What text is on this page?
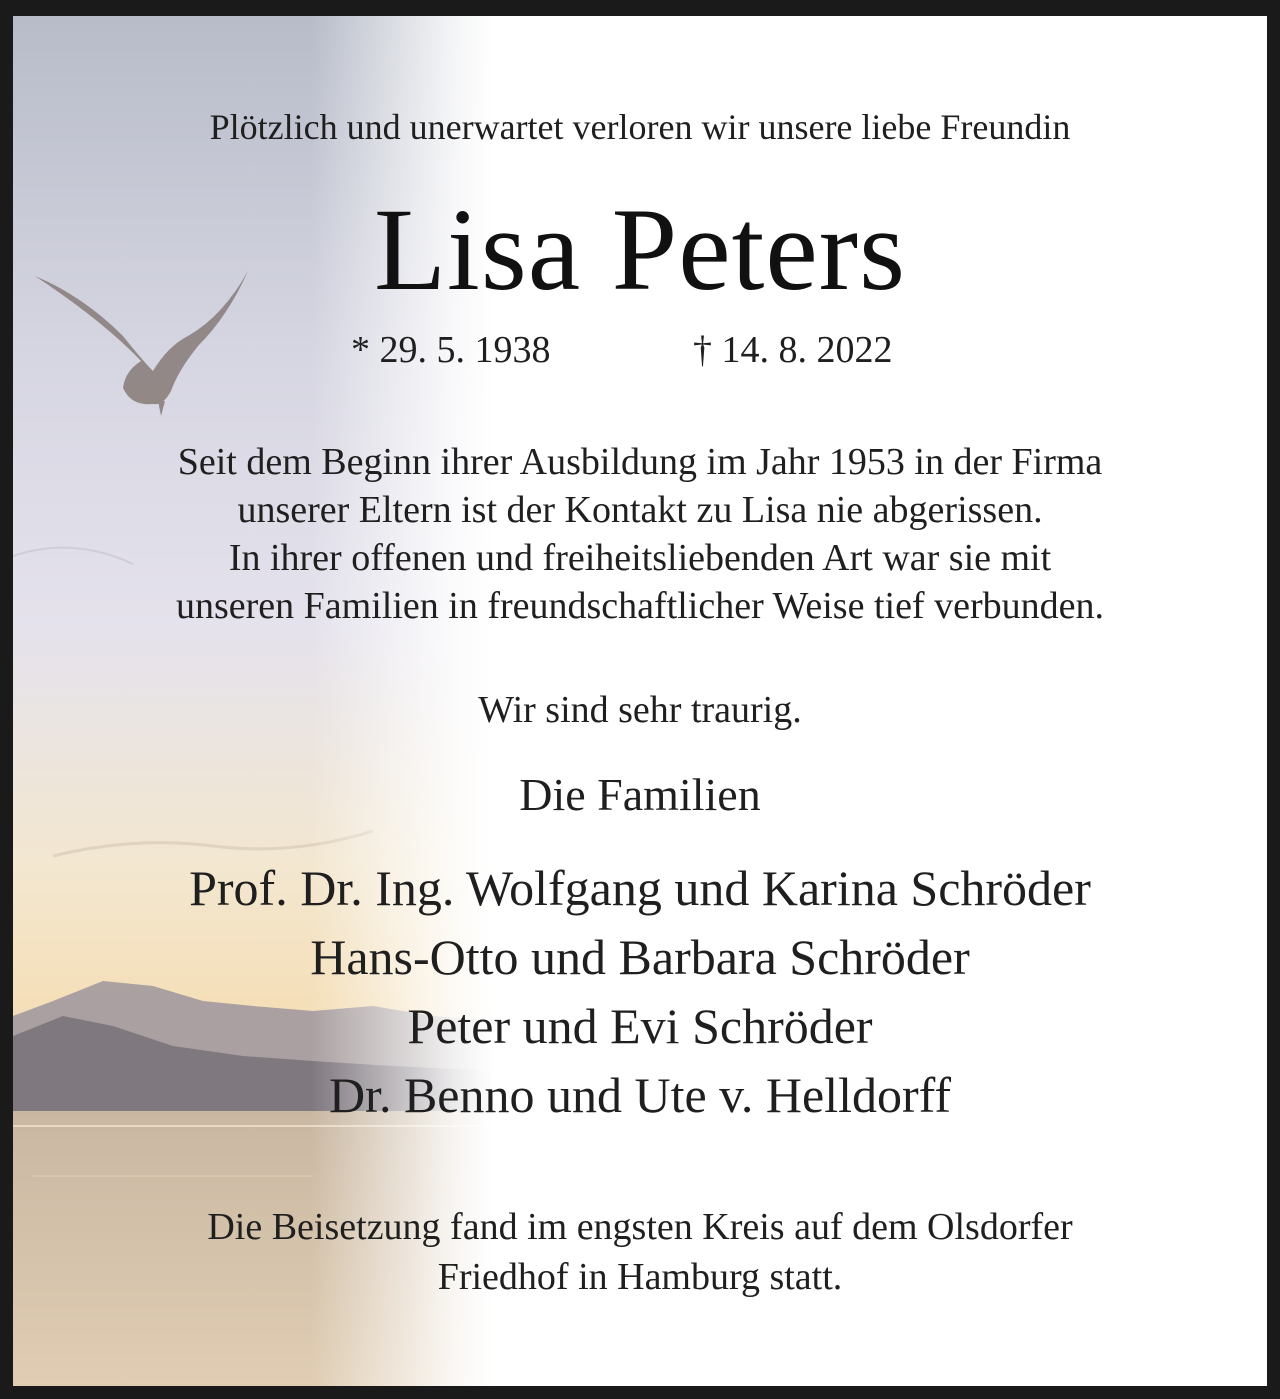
Plötzlich und unerwartet verloren wir unsere liebe Freundin
Lisa Peters
* 29. 5. 1938	† 14. 8. 2022
Seit dem Beginn ihrer Ausbildung im Jahr 1953 in der Firma
unserer Eltern ist der Kontakt zu Lisa nie abgerissen.
In ihrer offenen und freiheitsliebenden Art war sie mit
unseren Familien in freundschaftlicher Weise tief verbunden.
Wir sind sehr traurig.
Die Familien
Prof. Dr. Ing. Wolfgang und Karina Schröder
Hans-Otto und Barbara Schröder
Peter und Evi Schröder
Dr. Benno und Ute v. Helldorff
Die Beisetzung fand im engsten Kreis auf dem Olsdorfer
Friedhof in Hamburg statt.
